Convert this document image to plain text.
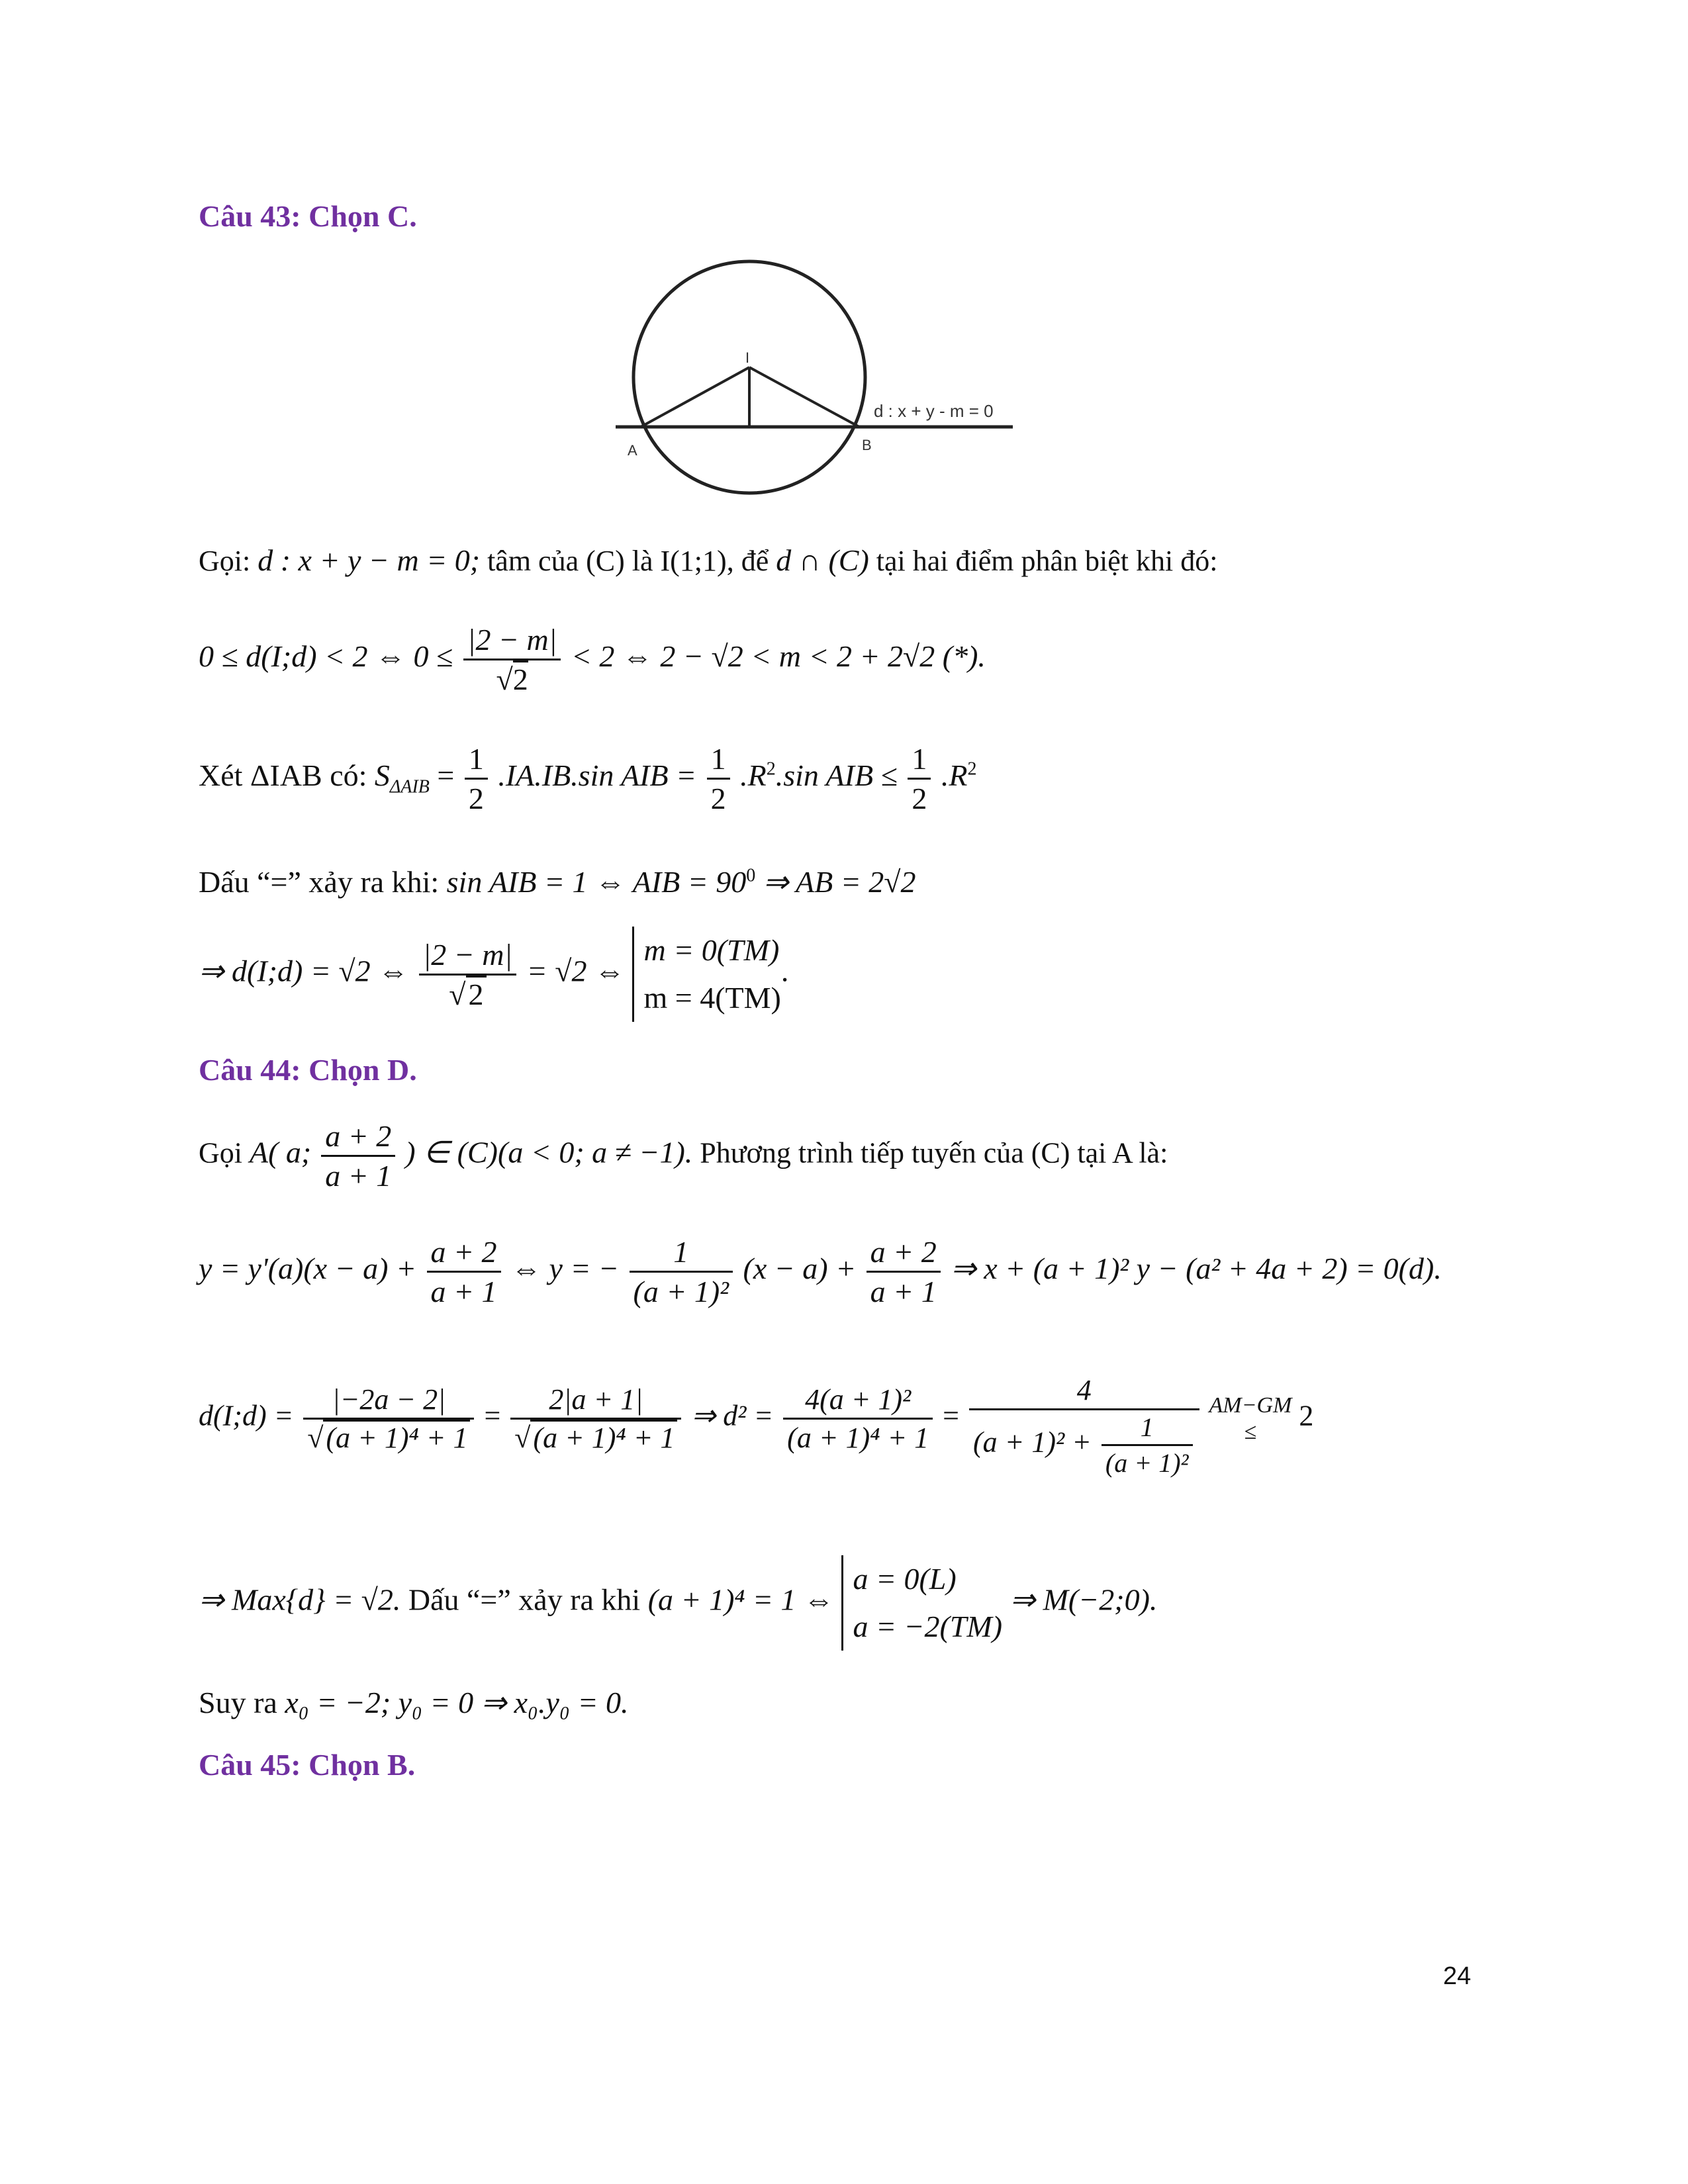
Câu 43: Chọn C.
I
A	B
d : x + y - m = 0
Gọi: d : x + y − m = 0; tâm của (C) là I(1;1), để d ∩ (C) tại hai điểm phân biệt khi đó:
0 ≤ d(I;d) < 2 ⇔ $0 \le \frac{|2 - m|}{√2} < 2$ ⇔ 2 − √2 < m < 2 + 2√2 (*).
Xét ΔIAB có: $S_{\Delta AIB} = \frac{1}{2} .IA.IB.\sin$ AIB = $\frac{1}{2} .R^2.\sin$ AIB ≤ $\frac{1}{2} .R^2$
Dấu “=” xảy ra khi: sin AIB = 1 ⇔ AIB = $90^0$ ⇒ AB = 2√2
⇒ d(I;d) = √2 ⇔ $\frac{|2 - m|}{√2} = √2$ ⇔
m = 0(TM)
m = 4(TM)
.
Câu 44: Chọn D.
Gọi A( a; $\frac{a + 2}{a + 1}$ ) ∈ (C)(a < 0; a ≠ −1). Phương trình tiếp tuyến của (C) tại A là:
$y = y'(a)(x - a) + \frac{a + 2}{a + 1}$ ⇔ y = − $\frac{1}{\text{(a + 1)²}} (x - a) + \frac{a + 2}{a + 1}$ ⇒ x + (a + 1)² y − (a² + 4a + 2) = 0(d).
d(I;d) = $\frac{|-2a - 2|}{\text{√(a + 1)⁴ + 1}} = \frac{2|a + 1|}{\text{√(a + 1)⁴ + 1}}$ ⇒ $d^2 = \frac{\text{4(a + 1)²}}{\text{(a + 1)⁴ + 1}} = \frac{4}{(a + 1)^2 + \frac{1}{\text{(a + 1)²}}}$
AM−GM
≤	2
⇒ Max{d} = √2. Dấu “=” xảy ra khi (a + 1)⁴ = 1 ⇔
a = 0(L)
a = −2(TM)
⇒ M(−2;0).
Suy ra x₀ = −2; y₀ = 0 ⇒ x₀.y₀ = 0.
Câu 45: Chọn B.
24
